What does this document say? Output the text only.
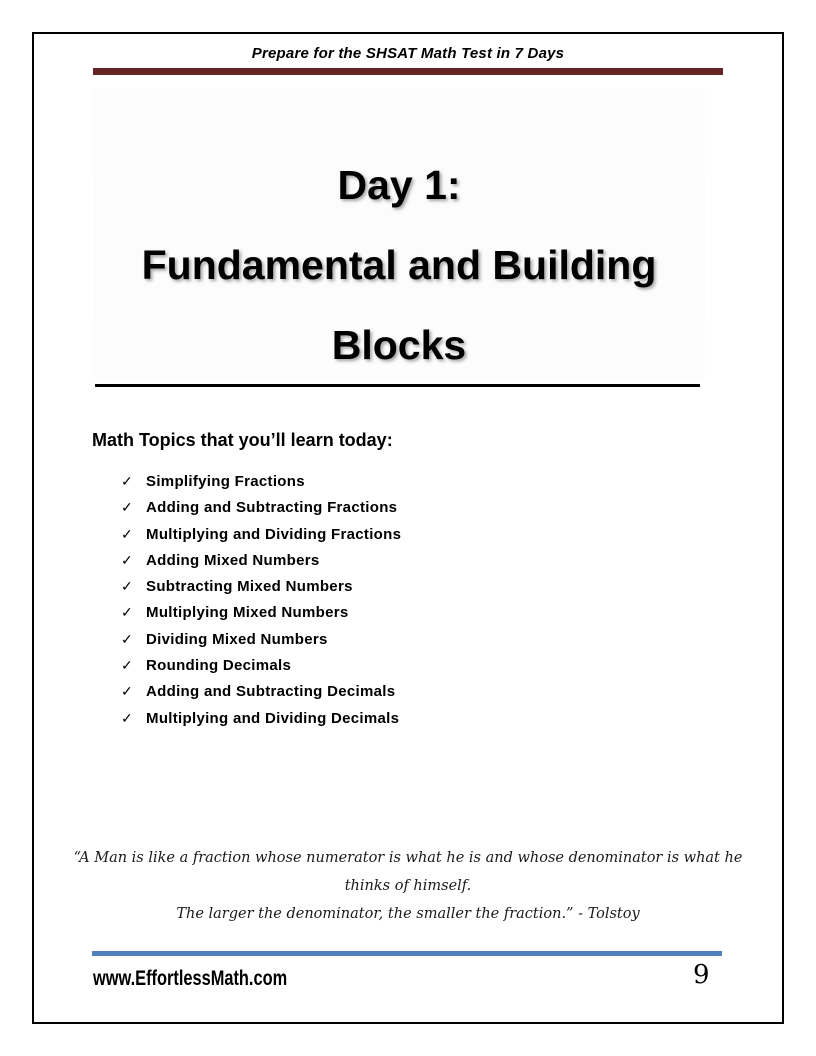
Prepare for the SHSAT Math Test in 7 Days
Day 1:
Fundamental and Building
Blocks
Math Topics that you’ll learn today:
✓ Simplifying Fractions
✓ Adding and Subtracting Fractions
✓ Multiplying and Dividing Fractions
✓ Adding Mixed Numbers
✓ Subtracting Mixed Numbers
✓ Multiplying Mixed Numbers
✓ Dividing Mixed Numbers
✓ Rounding Decimals
✓ Adding and Subtracting Decimals
✓ Multiplying and Dividing Decimals
“A Man is like a fraction whose numerator is what he is and whose denominator is what he thinks of himself.
The larger the denominator, the smaller the fraction.” - Tolstoy
www.EffortlessMath.com	9
